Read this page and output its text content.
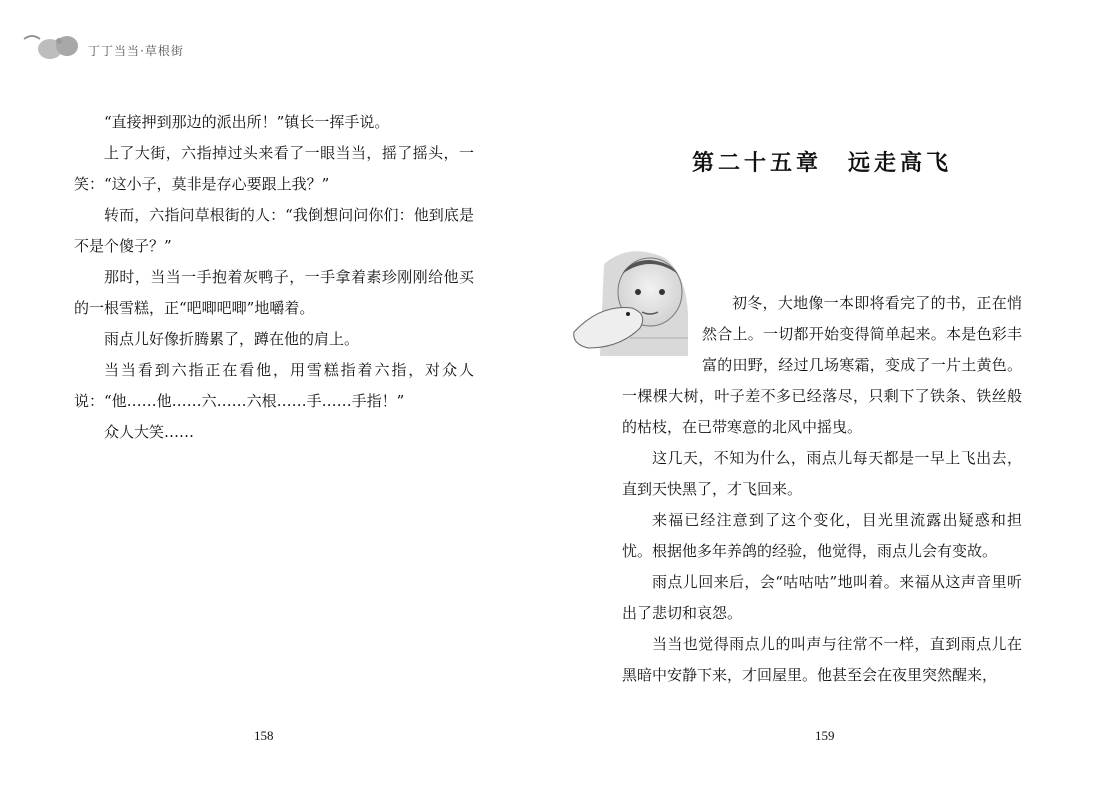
丁丁当当·草根街

“直接押到那边的派出所！”镇长一挥手说。

上了大街，六指掉过头来看了一眼当当，摇了摇头，一笑：“这小子，莫非是存心要跟上我？”

转而，六指问草根街的人：“我倒想问问你们：他到底是不是个傻子？”

那时，当当一手抱着灰鸭子，一手拿着素珍刚刚给他买的一根雪糕，正“吧唧吧唧”地嚼着。

雨点儿好像折腾累了，蹲在他的肩上。

当当看到六指正在看他，用雪糕指着六指，对众人说：“他……他……六……六根……手……手指！”

众人大笑……

158
第二十五章　远走高飞

初冬，大地像一本即将看完了的书，正在悄然合上。一切都开始变得简单起来。本是色彩丰富的田野，经过几场寒霜，变成了一片土黄色。一棵棵大树，叶子差不多已经落尽，只剩下了铁条、铁丝般的枯枝，在已带寒意的北风中摇曳。

这几天，不知为什么，雨点儿每天都是一早上飞出去，直到天快黑了，才飞回来。

来福已经注意到了这个变化，目光里流露出疑惑和担忧。根据他多年养鸽的经验，他觉得，雨点儿会有变故。

雨点儿回来后，会“咕咕咕”地叫着。来福从这声音里听出了悲切和哀怨。

当当也觉得雨点儿的叫声与往常不一样，直到雨点儿在黑暗中安静下来，才回屋里。他甚至会在夜里突然醒来，

159
